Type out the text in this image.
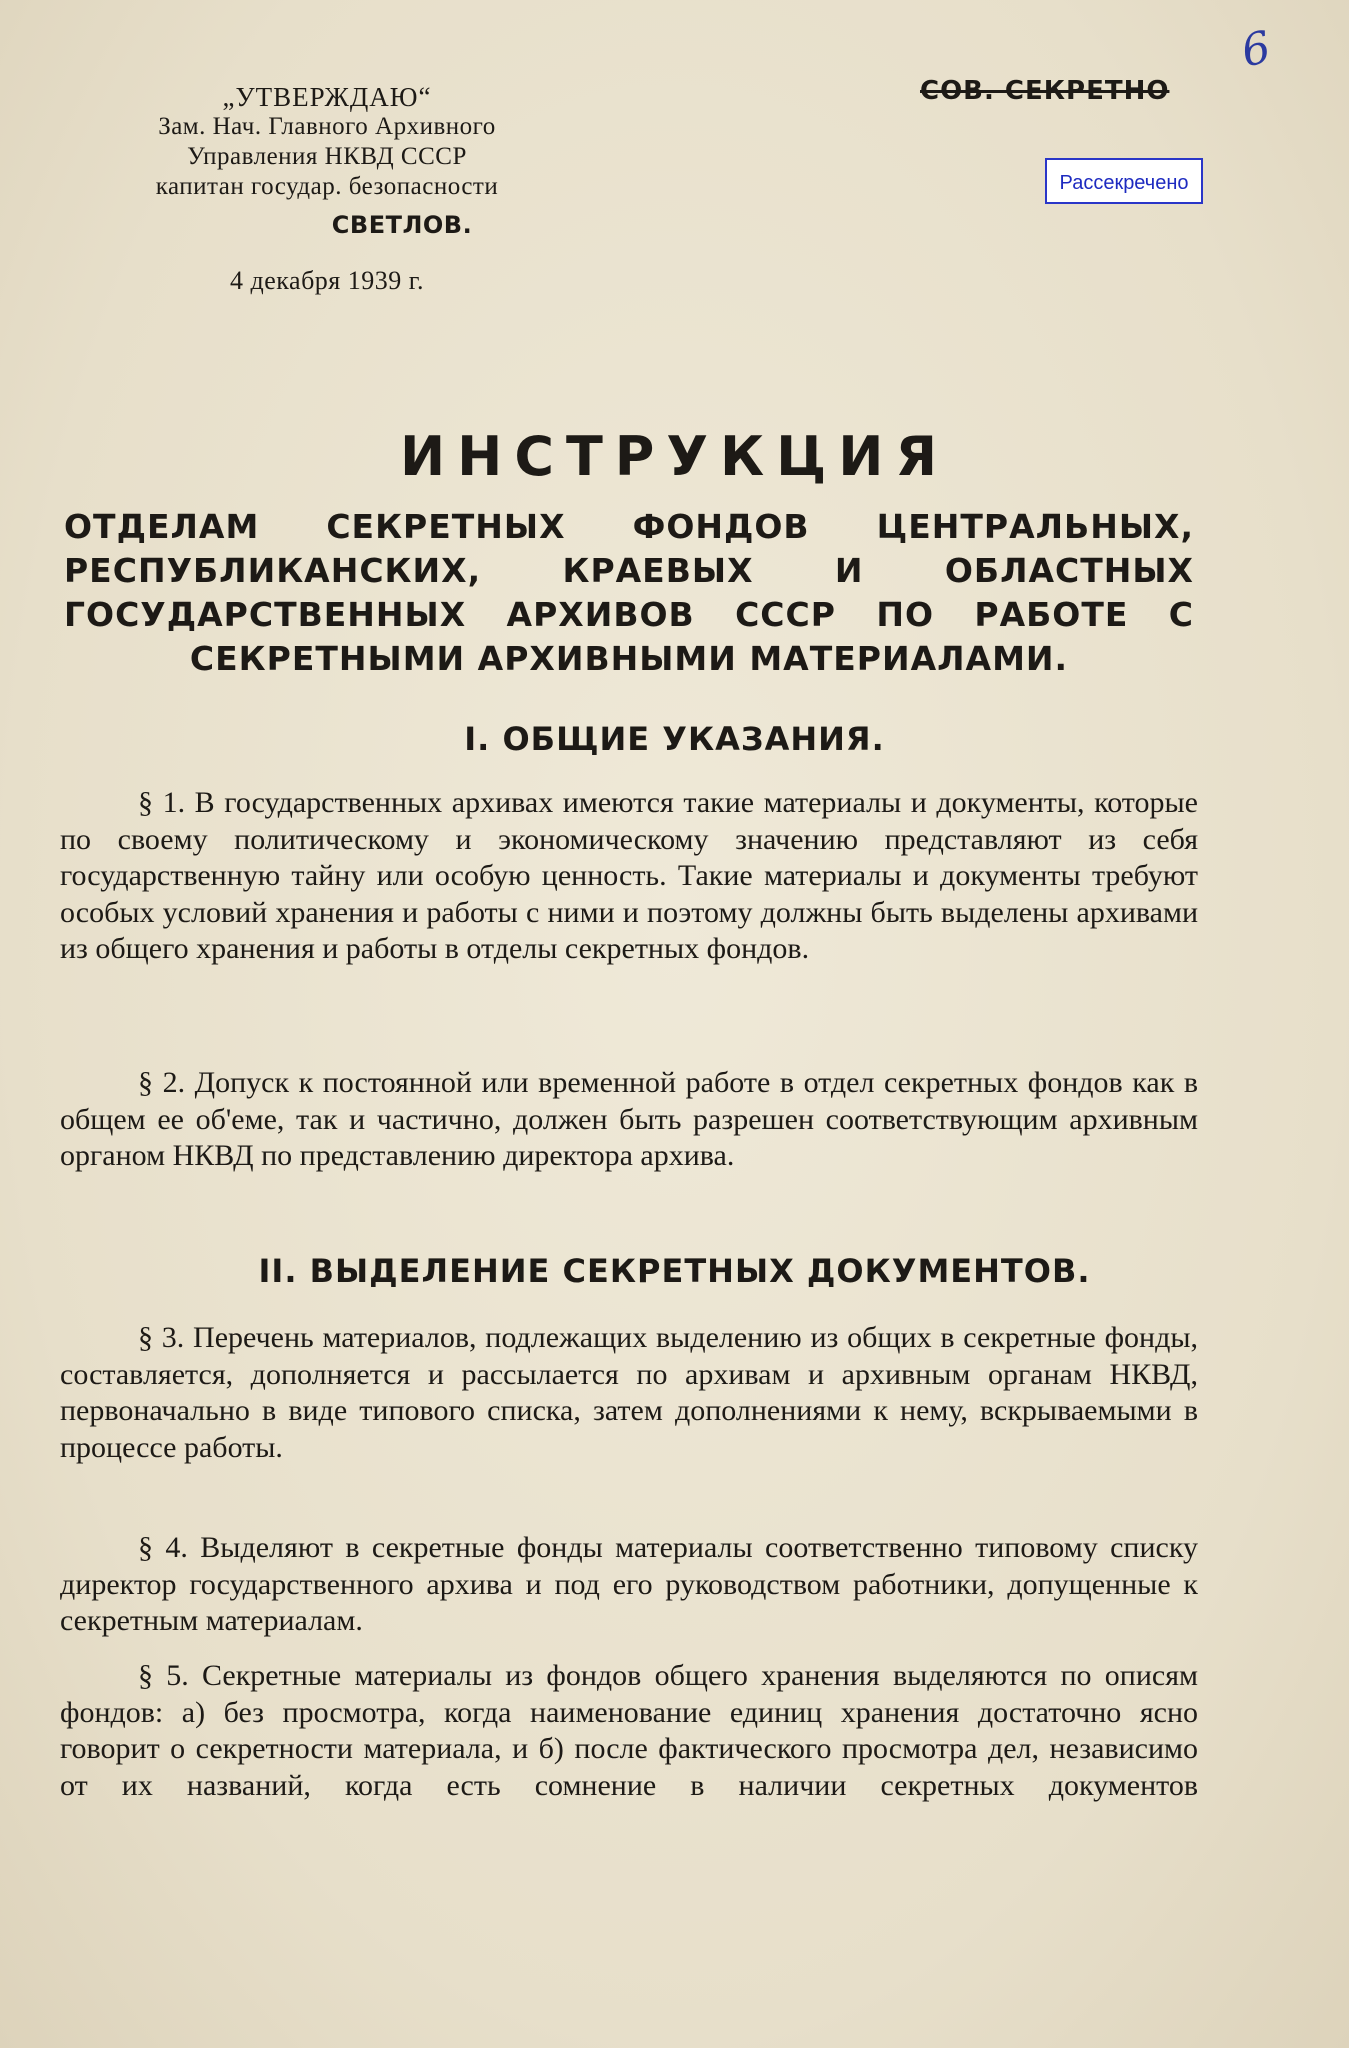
6
„УТВЕРЖДАЮ“
Зам. Нач. Главного Архивного
Управления НКВД СССР
капитан государ. безопасности
СВЕТЛОВ.
4 декабря 1939 г.
СОВ. СЕКРЕТНО
Рассекречено
ИНСТРУКЦИЯ
ОТДЕЛАМ СЕКРЕТНЫХ ФОНДОВ ЦЕНТРАЛЬНЫХ, РЕСПУБЛИКАНСКИХ, КРАЕВЫХ И ОБЛАСТНЫХ ГОСУДАРСТВЕННЫХ АРХИВОВ СССР ПО РАБОТЕ С СЕКРЕТНЫМИ АРХИВНЫМИ МАТЕРИАЛАМИ.
I. ОБЩИЕ УКАЗАНИЯ.
§ 1. В государственных архивах имеются такие материалы и документы, которые по своему политическому и экономическому значению представляют из себя государственную тайну или особую ценность. Такие материалы и документы требуют особых условий хранения и работы с ними и поэтому должны быть выделены архивами из общего хранения и работы в отделы секретных фондов.
§ 2. Допуск к постоянной или временной работе в отдел секретных фондов как в общем ее об'еме, так и частично, должен быть разрешен соответствующим архивным органом НКВД по представлению директора архива.
II. ВЫДЕЛЕНИЕ СЕКРЕТНЫХ ДОКУМЕНТОВ.
§ 3. Перечень материалов, подлежащих выделению из общих в секретные фонды, составляется, дополняется и рассылается по архивам и архивным органам НКВД, первоначально в виде типового списка, затем дополнениями к нему, вскрываемыми в процессе работы.
§ 4. Выделяют в секретные фонды материалы соответственно типовому списку директор государственного архива и под его руководством работники, допущенные к секретным материалам.
§ 5. Секретные материалы из фондов общего хранения выделяются по описям фондов: а) без просмотра, когда наименование единиц хранения достаточно ясно говорит о секретности материала, и б) после фактического просмотра дел, независимо от их названий, когда есть сомнение в наличии секретных документов
